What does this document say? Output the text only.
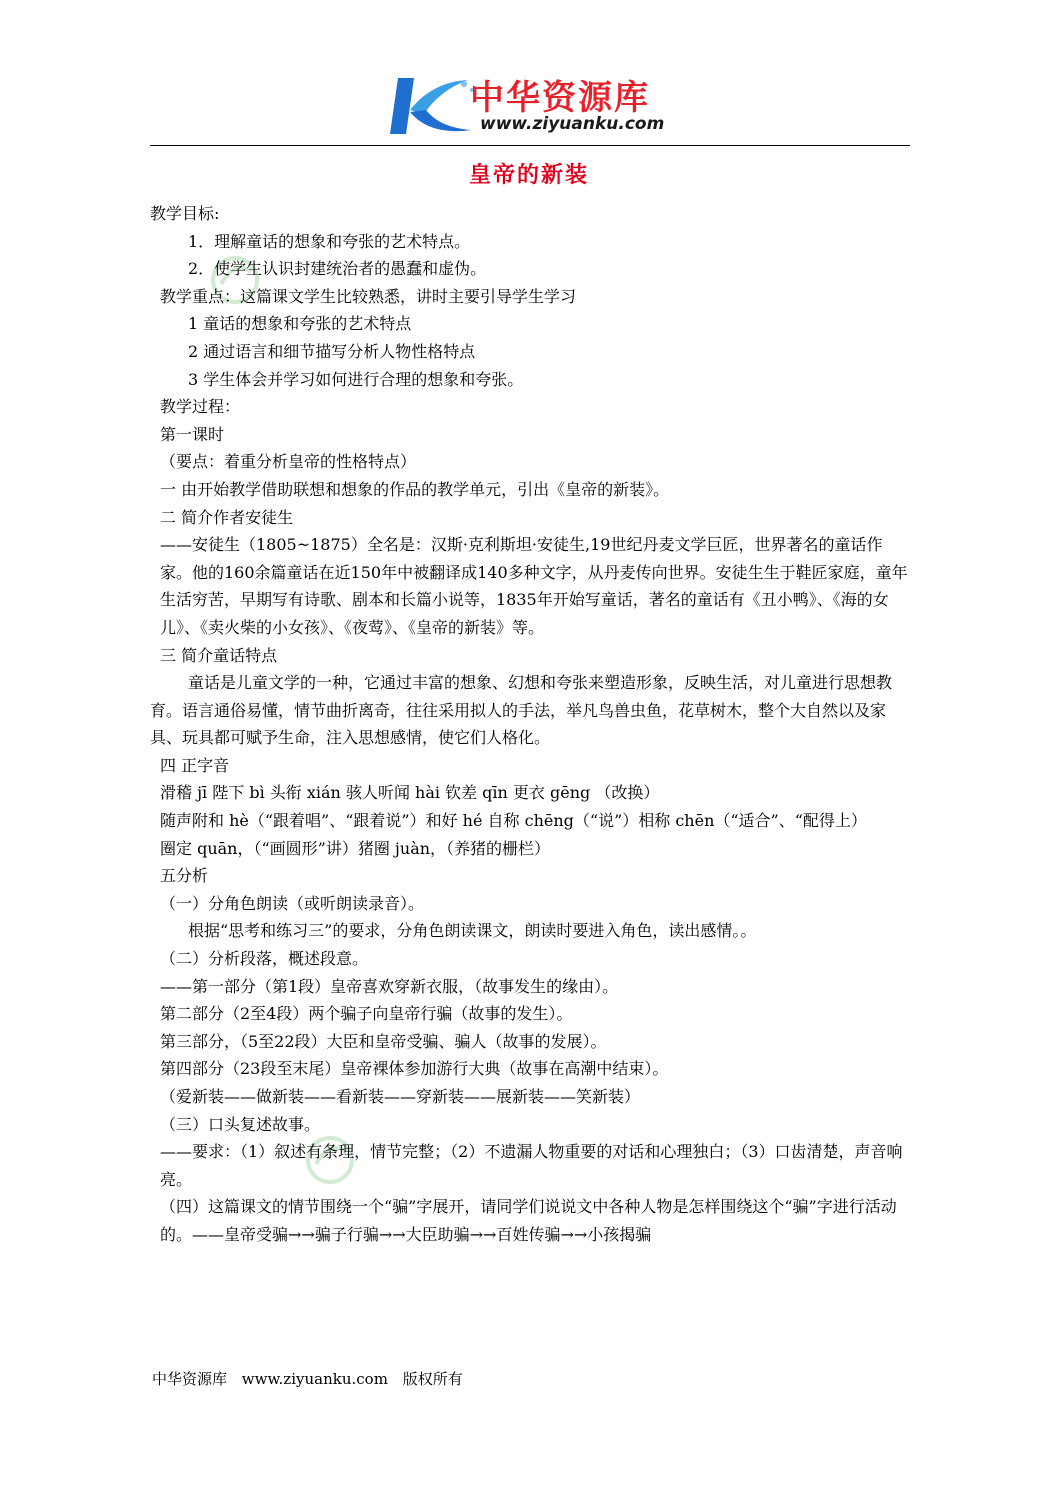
中华资源库
www.ziyuanku.com
皇帝的新装
教学目标:
1．理解童话的想象和夸张的艺术特点。
2．使学生认识封建统治者的愚蠢和虚伪。
教学重点：这篇课文学生比较熟悉，讲时主要引导学生学习
1 童话的想象和夸张的艺术特点
2 通过语言和细节描写分析人物性格特点
3 学生体会并学习如何进行合理的想象和夸张。
教学过程：
第一课时
（要点：着重分析皇帝的性格特点）
一 由开始教学借助联想和想象的作品的教学单元，引出《皇帝的新装》。
二 简介作者安徒生
——安徒生（1805~1875）全名是：汉斯·克利斯坦·安徒生,19世纪丹麦文学巨匠，世界著名的童话作家。他的160余篇童话在近150年中被翻译成140多种文字，从丹麦传向世界。安徒生生于鞋匠家庭，童年生活穷苦，早期写有诗歌、剧本和长篇小说等，1835年开始写童话，著名的童话有《丑小鸭》、《海的女儿》、《卖火柴的小女孩》、《夜莺》、《皇帝的新装》等。
三 简介童话特点
童话是儿童文学的一种，它通过丰富的想象、幻想和夸张来塑造形象，反映生活，对儿童进行思想教育。语言通俗易懂，情节曲折离奇，往往采用拟人的手法，举凡鸟兽虫鱼，花草树木，整个大自然以及家具、玩具都可赋予生命，注入思想感情，使它们人格化。
四 正字音
滑稽 jī 陛下 bì 头衔 xián 骇人听闻 hài 钦差 qīn 更衣 gēng （改换）
随声附和 hè（“跟着唱”、“跟着说”）和好 hé 自称 chēng（“说”）相称 chēn（“适合”、“配得上）
圈定 quān，（“画圆形”讲）猪圈 juàn，（养猪的栅栏）
五分析
（一）分角色朗读（或听朗读录音）。
根据“思考和练习三”的要求，分角色朗读课文，朗读时要进入角色，读出感情。。
（二）分析段落，概述段意。
——第一部分（第1段）皇帝喜欢穿新衣服，（故事发生的缘由）。
第二部分（2至4段）两个骗子向皇帝行骗（故事的发生）。
第三部分，（5至22段）大臣和皇帝受骗、骗人（故事的发展）。
第四部分（23段至末尾）皇帝裸体参加游行大典（故事在高潮中结束）。
（爱新装——做新装——看新装——穿新装——展新装——笑新装）
（三）口头复述故事。
——要求：（1）叙述有条理，情节完整；（2）不遗漏人物重要的对话和心理独白；（3）口齿清楚，声音响亮。
（四）这篇课文的情节围绕一个“骗”字展开，请同学们说说文中各种人物是怎样围绕这个“骗”字进行活动的。——皇帝受骗→→骗子行骗→→大臣助骗→→百姓传骗→→小孩揭骗
中华资源库 www.ziyuanku.com 版权所有
